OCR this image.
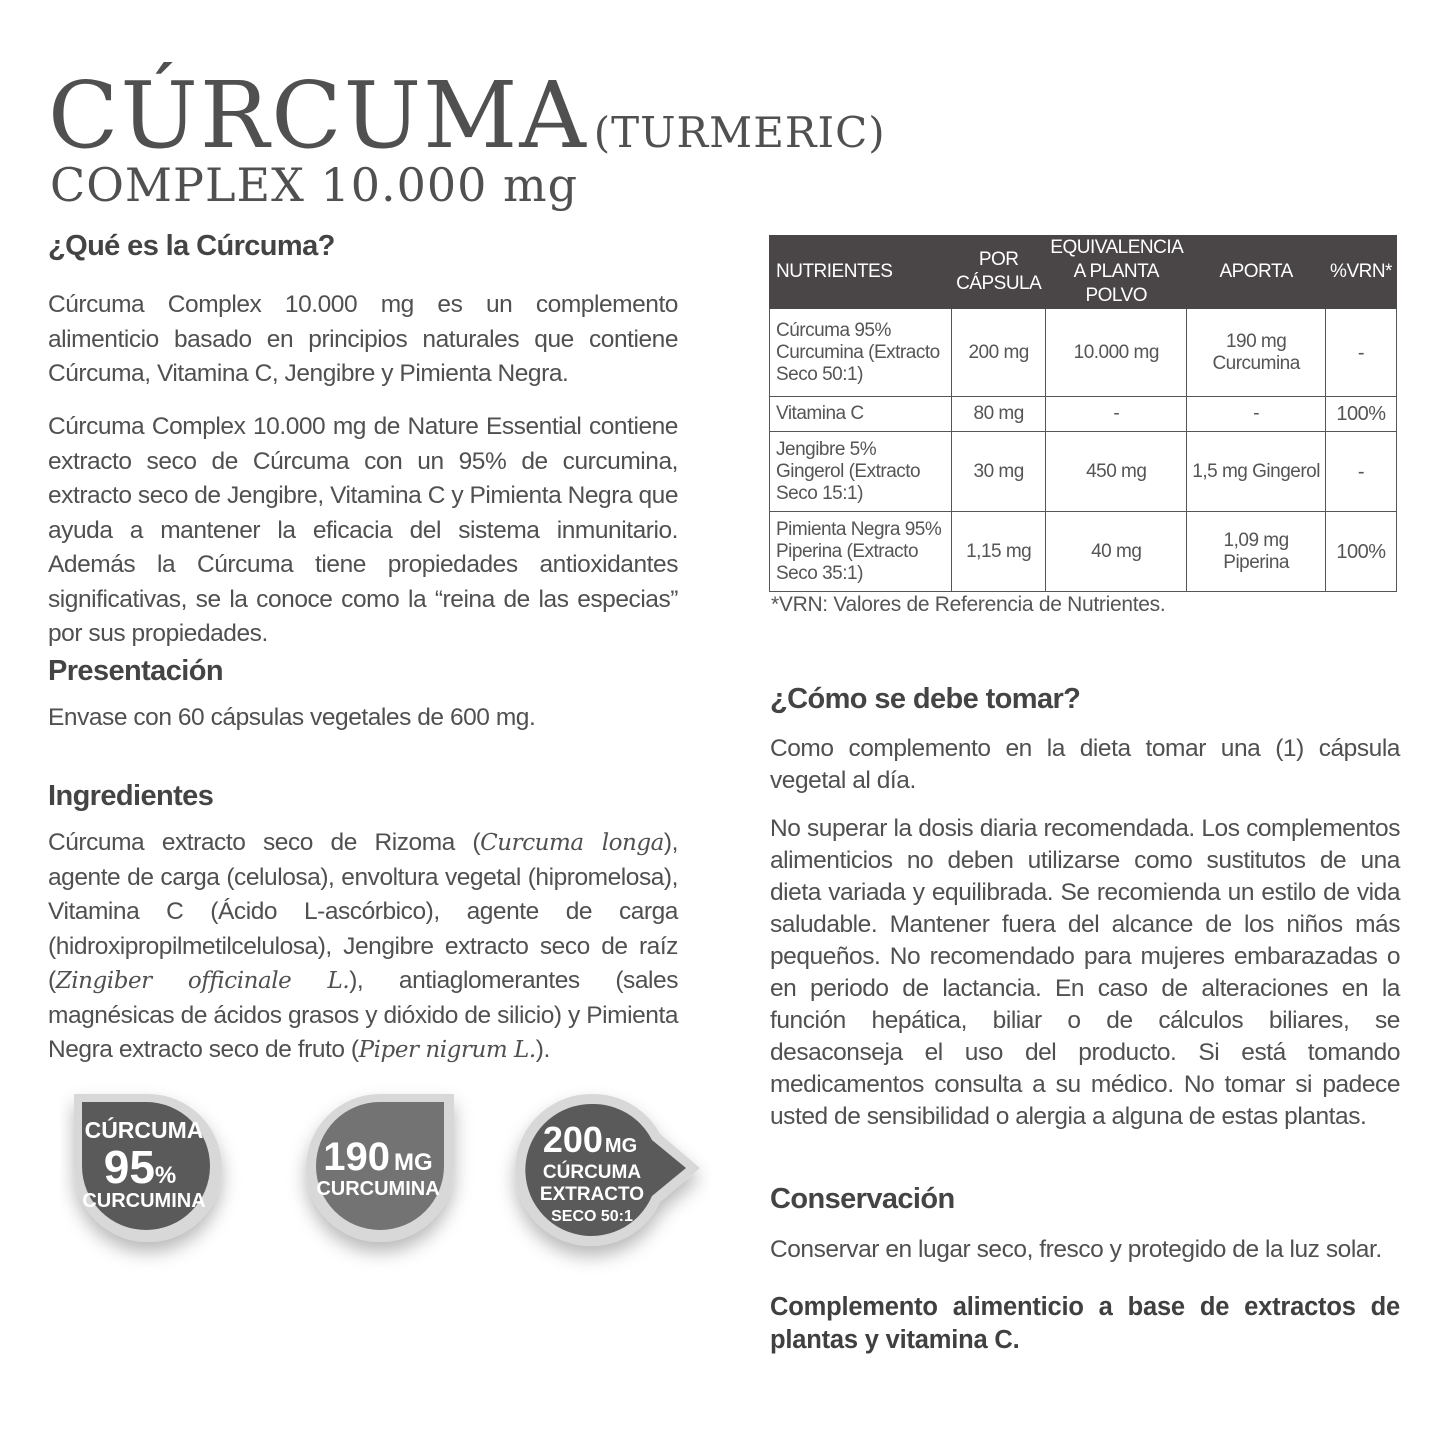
CÚRCUMA (TURMERIC)
COMPLEX 10.000 mg
¿Qué es la Cúrcuma?
Cúrcuma Complex 10.000 mg es un complemento alimenticio basado en principios naturales que contiene Cúrcuma, Vitamina C, Jengibre y Pimienta Negra.
Cúrcuma Complex 10.000 mg de Nature Essential contiene extracto seco de Cúrcuma con un 95% de curcumina, extracto seco de Jengibre, Vitamina C y Pimienta Negra que ayuda a mantener la eficacia del sistema inmunitario. Además la Cúrcuma tiene propiedades antioxidantes significativas, se la conoce como la “reina de las especias” por sus propiedades.
Presentación
Envase con 60 cápsulas vegetales de 600 mg.
Ingredientes
Cúrcuma extracto seco de Rizoma (Curcuma longa), agente de carga (celulosa), envoltura vegetal (hipromelosa), Vitamina C (Ácido L-ascórbico), agente de carga (hidroxipropilmetilcelulosa), Jengibre extracto seco de raíz (Zingiber officinale L.), antiaglomerantes (sales magnésicas de ácidos grasos y dióxido de silicio) y Pimienta Negra extracto seco de fruto (Piper nigrum L.).
CÚRCUMA
95%
CURCUMINA
190 MG
CURCUMINA
200 MG
CÚRCUMA
EXTRACTO
SECO 50:1
NUTRIENTES	POR CÁPSULA	EQUIVALENCIA A PLANTA POLVO	APORTA	%VRN*
Cúrcuma 95% Curcumina (Extracto Seco 50:1)	200 mg	10.000 mg	190 mg Curcumina	-
Vitamina C	80 mg	-	-	100%
Jengibre 5% Gingerol (Extracto Seco 15:1)	30 mg	450 mg	1,5 mg Gingerol	-
Pimienta Negra 95% Piperina (Extracto Seco 35:1)	1,15 mg	40 mg	1,09 mg Piperina	100%
*VRN: Valores de Referencia de Nutrientes.
¿Cómo se debe tomar?
Como complemento en la dieta tomar una (1) cápsula vegetal al día.
No superar la dosis diaria recomendada. Los complementos alimenticios no deben utilizarse como sustitutos de una dieta variada y equilibrada. Se recomienda un estilo de vida saludable. Mantener fuera del alcance de los niños más pequeños. No recomendado para mujeres embarazadas o en periodo de lactancia. En caso de alteraciones en la función hepática, biliar o de cálculos biliares, se desaconseja el uso del producto. Si está tomando medicamentos consulta a su médico. No tomar si padece usted de sensibilidad o alergia a alguna de estas plantas.
Conservación
Conservar en lugar seco, fresco y protegido de la luz solar.
Complemento alimenticio a base de extractos de plantas y vitamina C.
